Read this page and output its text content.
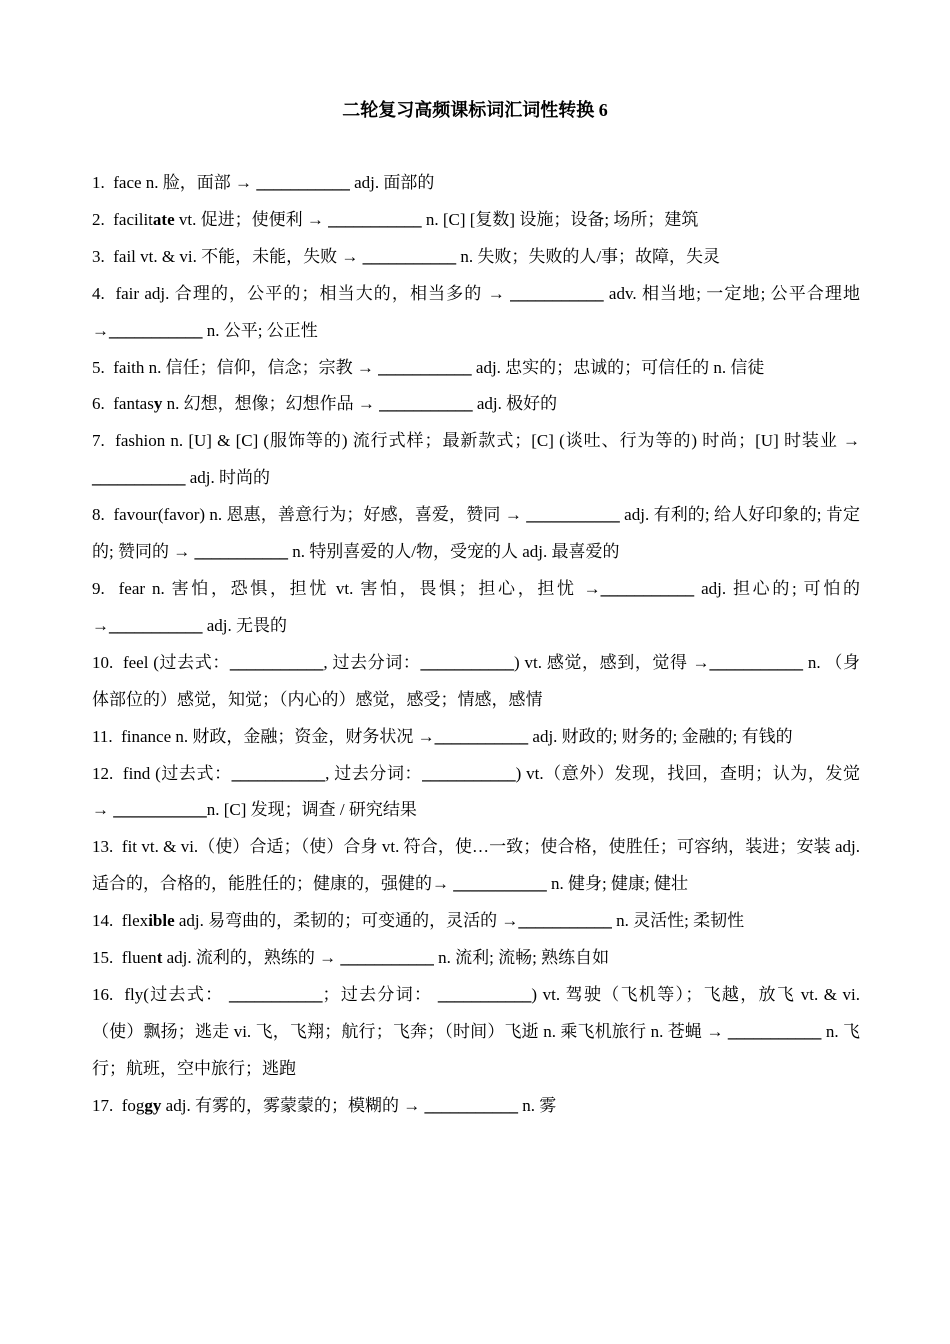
二轮复习高频课标词汇词性转换 6

1. face n. 脸，面部 → ___________ adj. 面部的

2. facilitate vt. 促进；使便利 → ___________ n. [C] [复数] 设施；设备; 场所；建筑

3. fail vt. & vi. 不能，未能，失败 → ___________ n. 失败；失败的人/事；故障，失灵

4. fair adj. 合理的，公平的；相当大的，相当多的 → ___________ adv. 相当地; 一定地; 公平合理地 →___________ n. 公平; 公正性

5. faith n. 信任；信仰，信念；宗教 → ___________ adj. 忠实的；忠诚的；可信任的 n. 信徒

6. fantasy n. 幻想，想像；幻想作品 → ___________ adj. 极好的

7. fashion n. [U] & [C] (服饰等的) 流行式样；最新款式；[C] (谈吐、行为等的) 时尚；[U] 时装业 → ___________ adj. 时尚的

8. favour(favor) n. 恩惠，善意行为；好感，喜爱，赞同 → ___________ adj. 有利的; 给人好印象的; 肯定的; 赞同的 → ___________ n. 特别喜爱的人/物，受宠的人 adj. 最喜爱的

9. fear n. 害怕，恐惧，担忧 vt. 害怕，畏惧；担心，担忧 →___________ adj. 担心的; 可怕的 →___________ adj. 无畏的

10. feel (过去式：___________, 过去分词：___________) vt. 感觉，感到，觉得 →___________ n. （身体部位的）感觉，知觉；（内心的）感觉，感受；情感，感情

11. finance n. 财政，金融；资金，财务状况 →___________ adj. 财政的; 财务的; 金融的; 有钱的

12. find (过去式：___________, 过去分词：___________) vt.（意外）发现，找回，查明；认为，发觉 → ___________n. [C] 发现；调查 / 研究结果

13. fit vt. & vi.（使）合适；（使）合身 vt. 符合，使…一致；使合格，使胜任；可容纳，装进；安装 adj. 适合的，合格的，能胜任的；健康的，强健的→ ___________ n. 健身; 健康; 健壮

14. flexible adj. 易弯曲的，柔韧的；可变通的，灵活的 →___________ n. 灵活性; 柔韧性

15. fluent adj. 流利的，熟练的 → ___________ n. 流利; 流畅; 熟练自如

16. fly(过去式： ___________；过去分词： ___________) vt. 驾驶（飞机等）；飞越，放飞 vt. & vi. （使）飘扬；逃走 vi. 飞，飞翔；航行；飞奔；（时间）飞逝 n. 乘飞机旅行 n. 苍蝇 → ___________ n. 飞行；航班，空中旅行；逃跑

17. foggy adj. 有雾的，雾蒙蒙的；模糊的 → ___________ n. 雾
